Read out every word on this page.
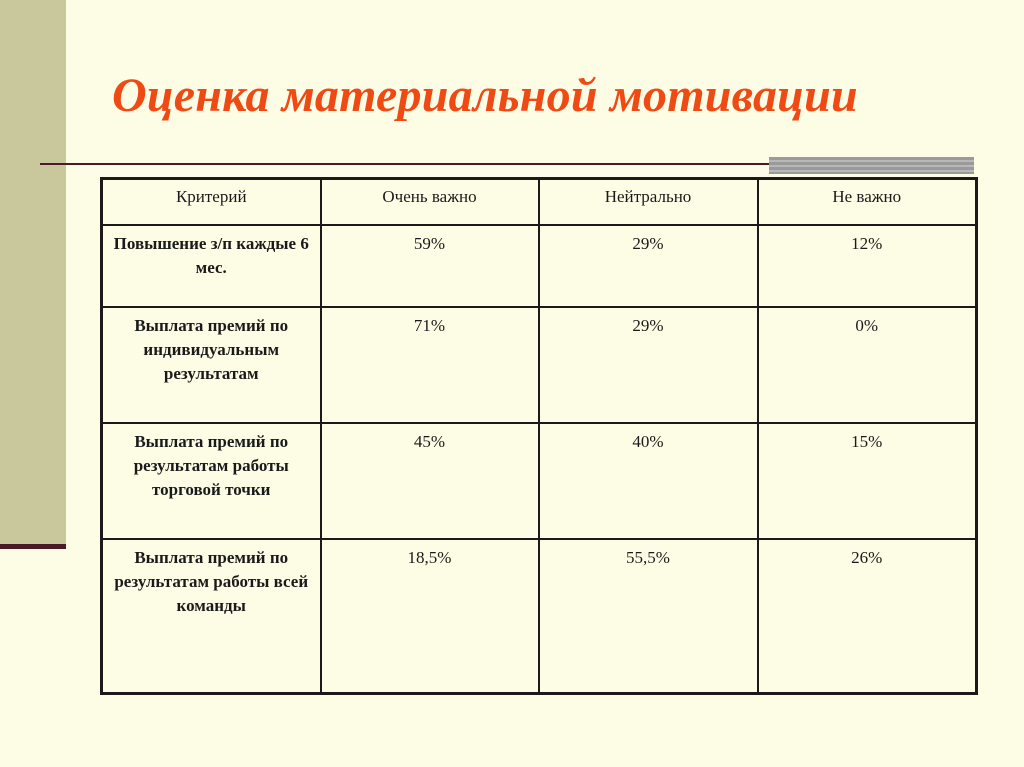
Оценка материальной мотивации
Критерий	Очень важно	Нейтрально	Не важно
Повышение з/п каждые 6 мес.	59%	29%	12%
Выплата премий по индивидуальным результатам	71%	29%	0%
Выплата премий по результатам работы торговой точки	45%	40%	15%
Выплата премий по результатам работы всей команды	18,5%	55,5%	26%
